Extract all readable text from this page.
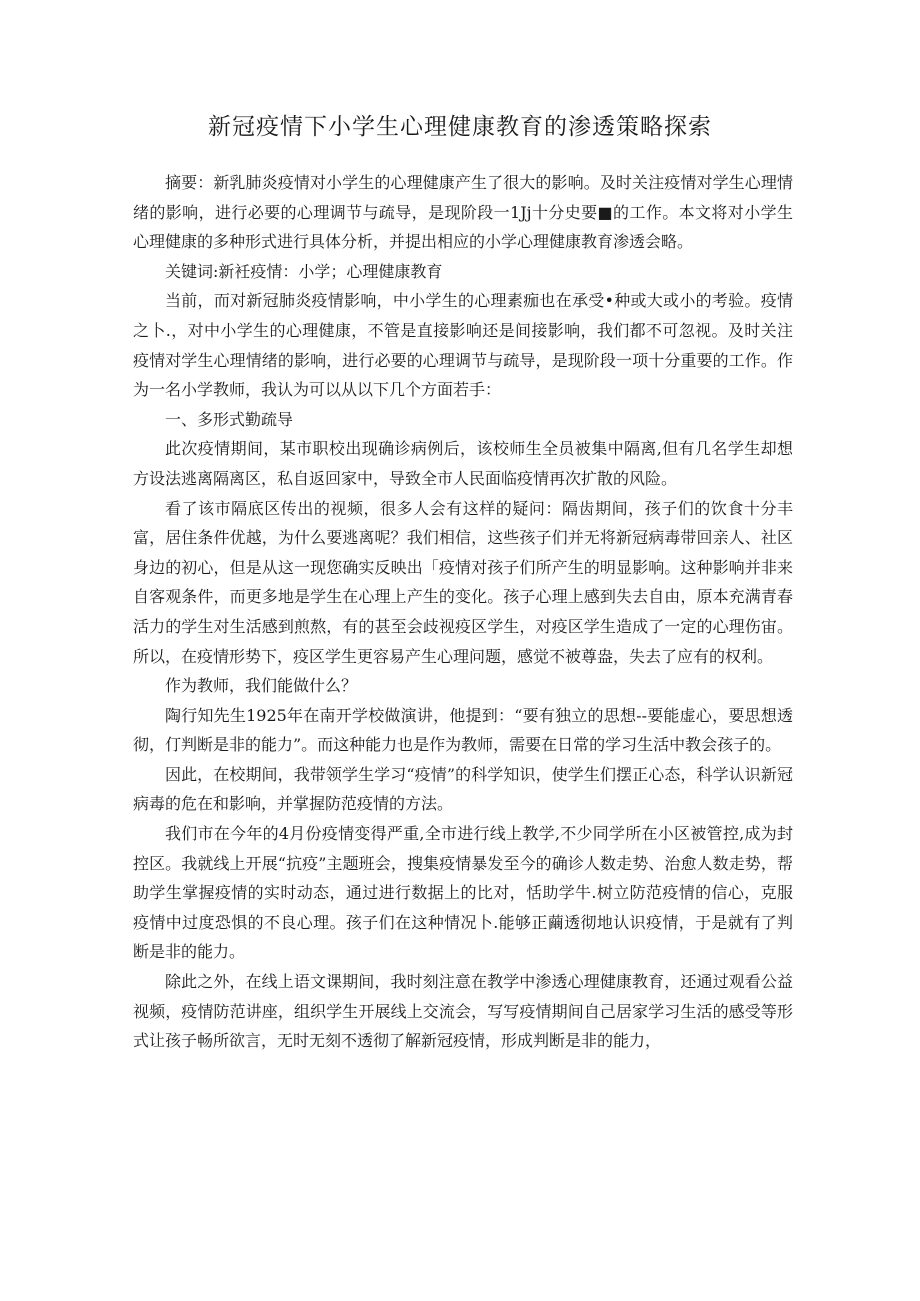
新冠疫情下小学生心理健康教育的渗透策略探索

摘要：新乳肺炎疫情对小学生的心理健康产生了很大的影响。及时关注疫情对学生心理情绪的影响，进行必要的心理调节与疏导，是现阶段一1Jj十分史要■的工作。本文将对小学生心理健康的多种形式进行具体分析，并提出相应的小学心理健康教育渗透会略。

关键词:新衽疫情：小学；心理健康教育

当前，而对新冠肺炎疫情影响，中小学生的心理素痂也在承受•种或大或小的考验。疫情之卜.，对中小学生的心理健康，不管是直接影响还是间接影响，我们都不可忽视。及时关注疫情对学生心理情绪的影响，进行必要的心理调节与疏导，是现阶段一项十分重要的工作。作为一名小学教师，我认为可以从以下几个方面若手：

一、多形式勤疏导

此次疫情期间，某市职校出现确诊病例后，该校师生全员被集中隔离,但有几名学生却想方设法逃离隔离区，私自返回家中，导致全市人民面临疫情再次扩散的风险。

看了该市隔底区传出的视频，很多人会有这样的疑问：隔齿期间，孩子们的饮食十分丰富，居住条件优越，为什么要逃离呢？我们相信，这些孩子们并无将新冠病毒带回亲人、社区身边的初心，但是从这一现您确实反映出「疫情对孩子们所产生的明显影响。这种影响并非来自客观条件，而更多地是学生在心理上产生的变化。孩子心理上感到失去自由，原本充满青春活力的学生对生活感到煎熬，有的甚至会歧视疫区学生，对疫区学生造成了一定的心理伤宙。所以，在疫情形势下，疫区学生更容易产生心理问题，感觉不被尊盎，失去了应有的权利。

作为教师，我们能做什么？

陶行知先生1925年在南开学校做演讲，他提到：“要有独立的思想--要能虚心，要思想透彻，仃判断是非的能力”。而这种能力也是作为教师，需要在日常的学习生活中教会孩子的。

因此，在校期间，我带领学生学习“疫情”的科学知识，使学生们摆正心态，科学认识新冠病毒的危在和影响，并掌握防范疫情的方法。

我们市在今年的4月份疫情变得严重,全市进行线上教学,不少同学所在小区被管控,成为封控区。我就线上开展“抗疫”主题班会，搜集疫情暴发至今的确诊人数走势、治愈人数走势，帮助学生掌握疫情的实时动态，通过进行数据上的比对，恬助学牛.树立防范疫情的信心，克服疫情中过度恐惧的不良心理。孩子们在这种情况卜.能够正繭透彻地认识疫情，于是就有了判断是非的能力。

除此之外，在线上语文课期间，我时刻注意在教学中渗透心理健康教育，还通过观看公益视频，疫情防范讲座，组织学生开展线上交流会，写写疫情期间自己居家学习生活的感受等形式让孩子畅所欲言，无时无刻不透彻了解新冠疫情，形成判断是非的能力，
